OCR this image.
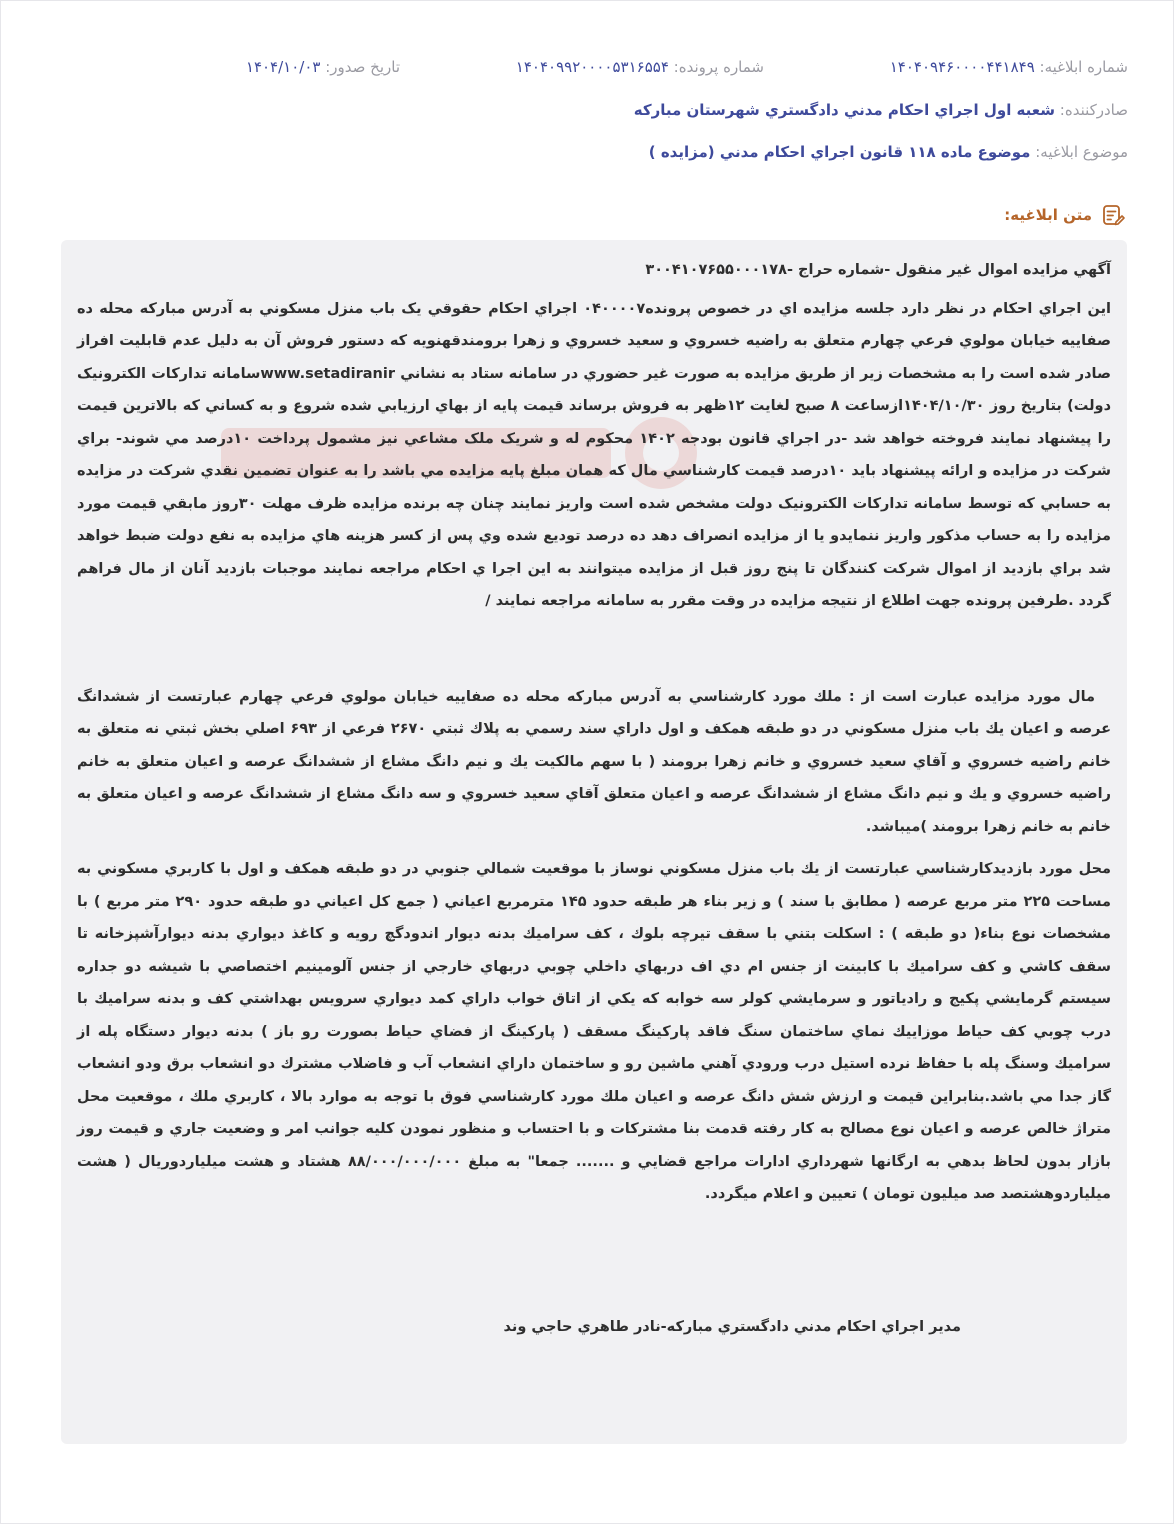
شماره ابلاغيه: ۱۴۰۴۰۹۴۶۰۰۰۰۴۴۱۸۴۹
شماره پرونده: ۱۴۰۴۰۹۹۲۰۰۰۰۵۳۱۶۵۵۴
تاريخ صدور: ۱۴۰۴/۱۰/۰۳
صادرکننده: شعبه اول اجراي احکام مدني دادگستري شهرستان مبارکه
موضوع ابلاغيه: موضوع ماده ۱۱۸ قانون اجراي احکام مدني (مزايده )
متن ابلاغيه:

آگهي مزايده اموال غير منقول -شماره حراج -۳۰۰۴۱۰۷۶۵۵۰۰۰۱۷۸

اين اجراي احکام در نظر دارد جلسه مزايده اي در خصوص پرونده۰۴۰۰۰۰۷ اجراي احکام حقوقي يک باب منزل مسکوني به آدرس مبارکه محله ده صفاييه خيابان مولوي فرعي چهارم متعلق به راضيه خسروي و سعيد خسروي و زهرا برومندقهنويه که دستور فروش آن به دليل عدم قابليت افراز صادر شده است را به مشخصات زير از طريق مزايده به صورت غير حضوري در سامانه ستاد به نشاني www.setadiranirسامانه تدارکات الکترونيک دولت) بتاريخ روز ۱۴۰۴/۱۰/۳۰ازساعت ۸ صبح لغايت ۱۲ظهر به فروش برساند قيمت پايه از بهاي ارزيابي شده شروع و به کساني که بالاترين قيمت را پيشنهاد نمايند فروخته خواهد شد -در اجراي قانون بودجه ۱۴۰۲ محکوم له و شريک ملک مشاعي نيز مشمول پرداخت ۱۰درصد مي شوند- براي شرکت در مزايده و ارائه پيشنهاد بايد ۱۰درصد قيمت کارشناسي مال که همان مبلغ پايه مزايده مي باشد را به عنوان تضمين نقدي شرکت در مزايده به حسابي که توسط سامانه تدارکات الکترونيک دولت مشخص شده است واريز نمايند چنان چه برنده مزايده ظرف مهلت ۳۰روز مابقي قيمت مورد مزايده را به حساب مذکور واريز ننمايدو يا از مزايده انصراف دهد ده درصد توديع شده وي پس از کسر هزينه هاي مزايده به نفع دولت ضبط خواهد شد براي بازديد از اموال شرکت کنندگان تا پنج روز قبل از مزايده ميتوانند به اين اجرا ي احکام مراجعه نمايند موجبات بازديد آنان از مال فراهم گردد .طرفين پرونده جهت اطلاع از نتيجه مزايده در وقت مقرر به سامانه مراجعه نمايند /

مال مورد مزايده عبارت است از : ملك مورد كارشناسي به آدرس مباركه محله ده صفاييه خيابان مولوي فرعي چهارم عبارتست از ششدانگ عرصه و اعيان يك باب منزل مسكوني در دو طبقه همكف و اول داراي سند رسمي به پلاك ثبتي ۲۶۷۰ فرعي از ۶۹۳ اصلي بخش ثبتي نه متعلق به خانم راضيه خسروي و آقاي سعيد خسروي و خانم زهرا برومند ( با سهم مالكيت يك و نيم دانگ مشاع از ششدانگ عرصه و اعيان متعلق به خانم راضيه خسروي و يك و نيم دانگ مشاع از ششدانگ عرصه و اعيان متعلق آقاي سعيد خسروي و سه دانگ مشاع از ششدانگ عرصه و اعيان متعلق به خانم به خانم زهرا برومند )ميباشد.

محل مورد بازديدكارشناسي عبارتست از يك باب منزل مسكوني نوساز با موقعيت شمالي جنوبي در دو طبقه همكف و اول با كاربري مسكوني به مساحت ۲۲۵ متر مربع عرصه ( مطابق با سند ) و زير بناء هر طبقه حدود ۱۴۵ مترمربع اعياني ( جمع كل اعياني دو طبقه حدود ۲۹۰ متر مربع ) با مشخصات نوع بناء( دو طبقه ) : اسكلت بتني با سقف تيرچه بلوك ، كف سراميك بدنه ديوار اندودگچ رويه و كاغذ ديواري بدنه ديوارآشپزخانه تا سقف كاشي و كف سراميك با كابينت از جنس ام دي اف دربهاي داخلي چوبي دربهاي خارجي از جنس آلومينيم اختصاصي با شيشه دو جداره سيستم گرمايشي پكيج و رادياتور و سرمايشي كولر سه خوابه كه يكي از اتاق خواب داراي كمد ديواري سرويس بهداشتي كف و بدنه سراميك با درب چوبي كف حياط موزاييك نماي ساختمان سنگ فاقد پاركينگ مسقف ( پاركينگ از فضاي حياط بصورت رو باز ) بدنه ديوار دستگاه پله از سراميك وسنگ پله با حفاظ نرده استيل درب ورودي آهني ماشين رو و ساختمان داراي انشعاب آب و فاضلاب مشترك دو انشعاب برق ودو انشعاب گاز جدا مي باشد.بنابراين قيمت و ارزش شش دانگ عرصه و اعيان ملك مورد كارشناسي فوق با توجه به موارد بالا ، كاربري ملك ، موقعيت محل متراژ خالص عرصه و اعيان نوع مصالح به كار رفته قدمت بنا مشتركات و با احتساب و منظور نمودن كليه جوانب امر و وضعيت جاري و قيمت روز بازار بدون لحاظ بدهي به ارگانها شهرداري ادارات مراجع قضايي و ....... جمعا" به مبلغ ۸۸/۰۰۰/۰۰۰/۰۰۰ هشتاد و هشت ميلياردوريال ( هشت ميلياردوهشتصد صد ميليون تومان ) تعيين و اعلام ميگردد.

مدير اجراي احكام مدني دادگستري مباركه-نادر طاهري حاجي وند
